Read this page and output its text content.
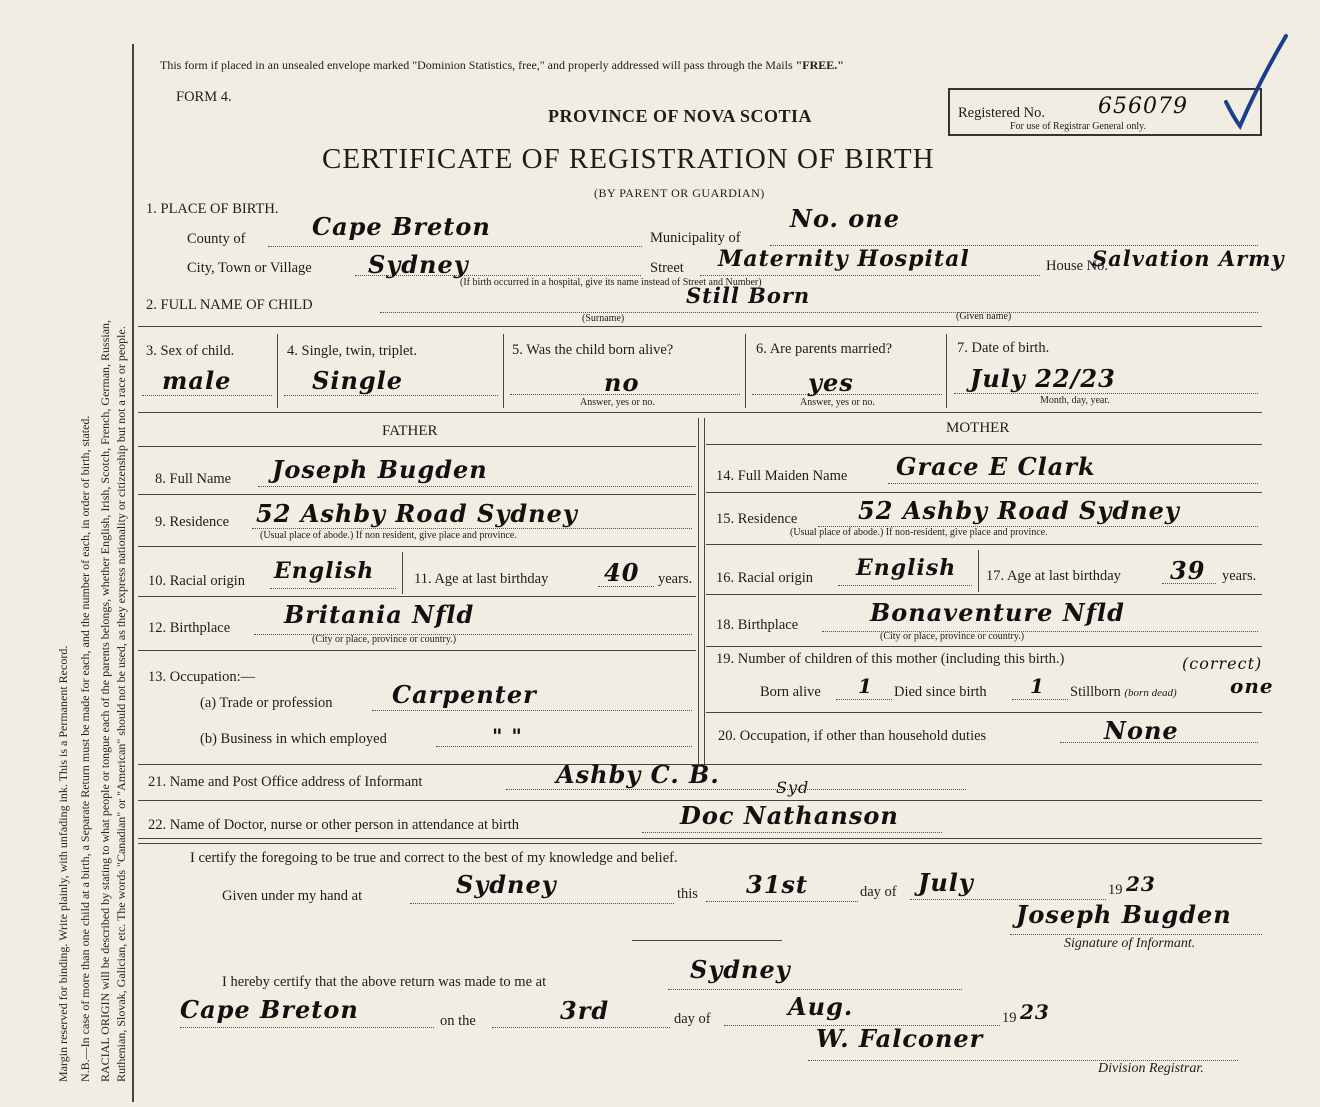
Margin reserved for binding. Write plainly, with unfading ink. This is a Permanent Record. N.B.—In case of more than one child at a birth, a Separate Return must be made for each, and the number of each, in order of birth, stated. RACIAL ORIGIN will be described by stating to what people or tongue each of the parents belongs, whether English, Irish, Scotch, French, German, Russian, Ruthenian, Slovak, Galician, etc. The words "Canadian" or "American" should not be used, as they express nationality or citizenship but not a race or people.
This form if placed in an unsealed envelope marked "Dominion Statistics, free," and properly addressed will pass through the Mails "FREE."
FORM 4.
PROVINCE OF NOVA SCOTIA	Registered No. 656079
For use of Registrar General only.
CERTIFICATE OF REGISTRATION OF BIRTH
(BY PARENT OR GUARDIAN)
1. PLACE OF BIRTH.
County of	Cape Breton	Municipality of
No. one
City, Town or Village Sydney	Street Maternity Hospital	House No.
Salvation Army
(If birth occurred in a hospital, give its name instead of Street and Number)
2. FULL NAME OF CHILD	Still Born
(Surname)	(Given name)
3. Sex of child.
male
4. Single, twin, triplet.
Single
5. Was the child born alive?
no
Answer, yes or no.
6. Are parents married?
yes
Answer, yes or no.
7. Date of birth.
July 22/23
Month, day, year.
FATHER	MOTHER
8. Full Name Joseph Bugden
9. Residence 52 Ashby Road Sydney
(Usual place of abode.) If non resident, give place and province.
10. Racial origin English	11. Age at last birthday 40 years.
12. Birthplace Britania Nfld
(City or place, province or country.)
13. Occupation:—
(a) Trade or profession Carpenter
(b) Business in which employed	" "
14. Full Maiden Name Grace E Clark
15. Residence	52 Ashby Road Sydney
(Usual place of abode.) If non-resident, give place and province.
16. Racial origin English 17. Age at last birthday 39 years.
18. Birthplace	Bonaventure Nfld
(City or place, province or country.)
19. Number of children of this mother (including this birth.)	(correct)
Born alive 1 Died since birth 1 Stillborn (born dead)	one
20. Occupation, if other than household duties	None
21. Name and Post Office address of Informant	Ashby C. B.	Syd
22. Name of Doctor, nurse or other person in attendance at birth	Doc Nathanson
I certify the foregoing to be true and correct to the best of my knowledge and belief.
Given under my hand at	Sydney	this 31st	day of July	19 23
Joseph Bugden
Signature of Informant.
I hereby certify that the above return was made to me at	Sydney
Cape Breton	on the	3rd	day of	Aug.	19 23
W. Falconer
Division Registrar.
